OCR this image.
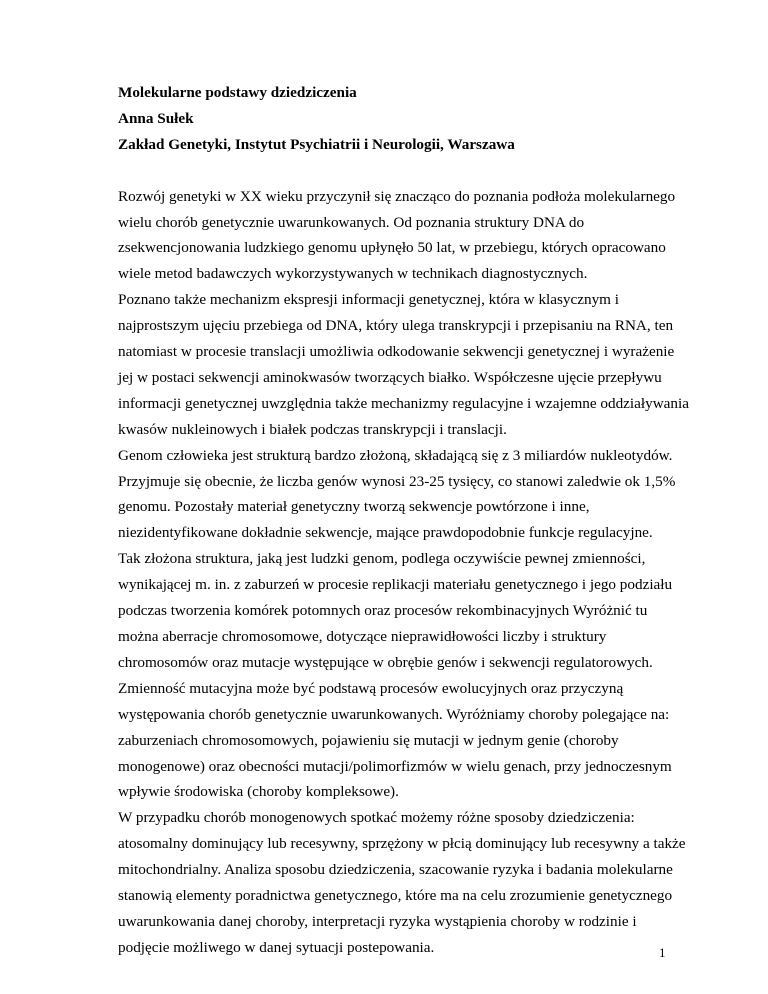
Molekularne podstawy dziedziczenia
Anna Sułek
Zakład Genetyki, Instytut Psychiatrii i Neurologii, Warszawa
Rozwój genetyki w XX wieku przyczynił się znacząco do poznania podłoża molekularnego
wielu chorób genetycznie uwarunkowanych. Od poznania struktury DNA do
zsekwencjonowania ludzkiego genomu upłynęło 50 lat, w przebiegu, których opracowano
wiele metod badawczych wykorzystywanych w technikach diagnostycznych.
Poznano także mechanizm ekspresji informacji genetycznej, która w klasycznym i
najprostszym ujęciu przebiega od DNA, który ulega transkrypcji i przepisaniu na RNA, ten
natomiast w procesie translacji umożliwia odkodowanie sekwencji genetycznej i wyrażenie
jej w postaci sekwencji aminokwasów tworzących białko. Współczesne ujęcie przepływu
informacji genetycznej uwzględnia także mechanizmy regulacyjne i wzajemne oddziaływania
kwasów nukleinowych i białek podczas transkrypcji i translacji.
Genom człowieka jest strukturą bardzo złożoną, składającą się z 3 miliardów nukleotydów.
Przyjmuje się obecnie, że liczba genów wynosi 23-25 tysięcy, co stanowi zaledwie ok 1,5%
genomu. Pozostały materiał genetyczny tworzą sekwencje powtórzone i inne,
niezidentyfikowane dokładnie sekwencje, mające prawdopodobnie funkcje regulacyjne.
Tak złożona struktura, jaką jest ludzki genom, podlega oczywiście pewnej zmienności,
wynikającej m. in. z zaburzeń w procesie replikacji materiału genetycznego i jego podziału
podczas tworzenia komórek potomnych oraz procesów rekombinacyjnych Wyróżnić tu
można aberracje chromosomowe, dotyczące nieprawidłowości liczby i struktury
chromosomów oraz mutacje występujące w obrębie genów i sekwencji regulatorowych.
Zmienność mutacyjna może być podstawą procesów ewolucyjnych oraz przyczyną
występowania chorób genetycznie uwarunkowanych. Wyróżniamy choroby polegające na:
zaburzeniach chromosomowych, pojawieniu się mutacji w jednym genie (choroby
monogenowe) oraz obecności mutacji/polimorfizmów w wielu genach, przy jednoczesnym
wpływie środowiska (choroby kompleksowe).
W przypadku chorób monogenowych spotkać możemy różne sposoby dziedziczenia:
atosomalny dominujący lub recesywny, sprzężony w płcią dominujący lub recesywny a także
mitochondrialny. Analiza sposobu dziedziczenia, szacowanie ryzyka i badania molekularne
stanowią elementy poradnictwa genetycznego, które ma na celu zrozumienie genetycznego
uwarunkowania danej choroby, interpretacji ryzyka wystąpienia choroby w rodzinie i
podjęcie możliwego w danej sytuacji postepowania.	1
